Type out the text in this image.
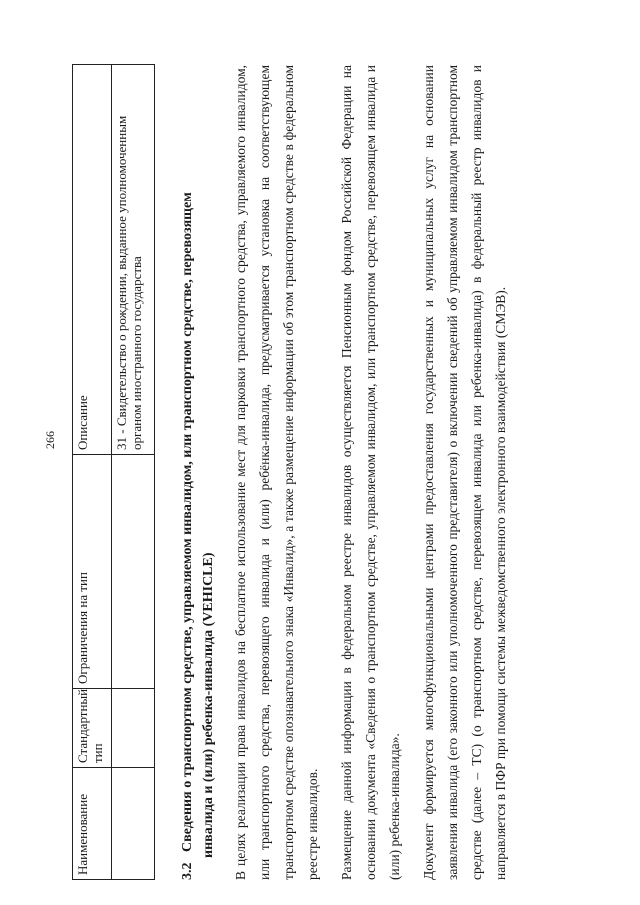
266
Наименование	Стандартный тип	Ограничения на тип	Описание
			31 - Свидетельство о рождении, выданное уполномоченным органом иностранного государства
3.2Сведения о транспортном средстве, управляемом инвалидом, или транспортном средстве, перевозящем инвалида и (или) ребенка-инвалида (VEHICLE) В целях реализации права инвалидов на бесплатное использование мест для парковки транспортного средства, управляемого инвалидом, или транспортного средства, перевозящего инвалида и (или) ребёнка-инвалида, предусматривается установка на соответствующем транспортном средстве опознавательного знака «Инвалид», а также размещение информации об этом транспортном средстве в федеральном реестре инвалидов.	Размещение данной информации в федеральном реестре инвалидов осуществляется Пенсионным фондом Российской Федерации на основании документа «Сведения о транспортном средстве, управляемом инвалидом, или транспортном средстве, перевозящем инвалида и (или) ребенка-инвалида».	Документ формируется многофункциональными центрами предоставления государственных и муниципальных услуг на основании заявления инвалида (его законного или уполномоченного представителя) о включении сведений об управляемом инвалидом транспортном средстве (далее – ТС) (о транспортном средстве, перевозящем инвалида или ребенка-инвалида) в федеральный реестр инвалидов и направляется в ПФР при помощи системы межведомственного электронного взаимодействия (СМЭВ).
